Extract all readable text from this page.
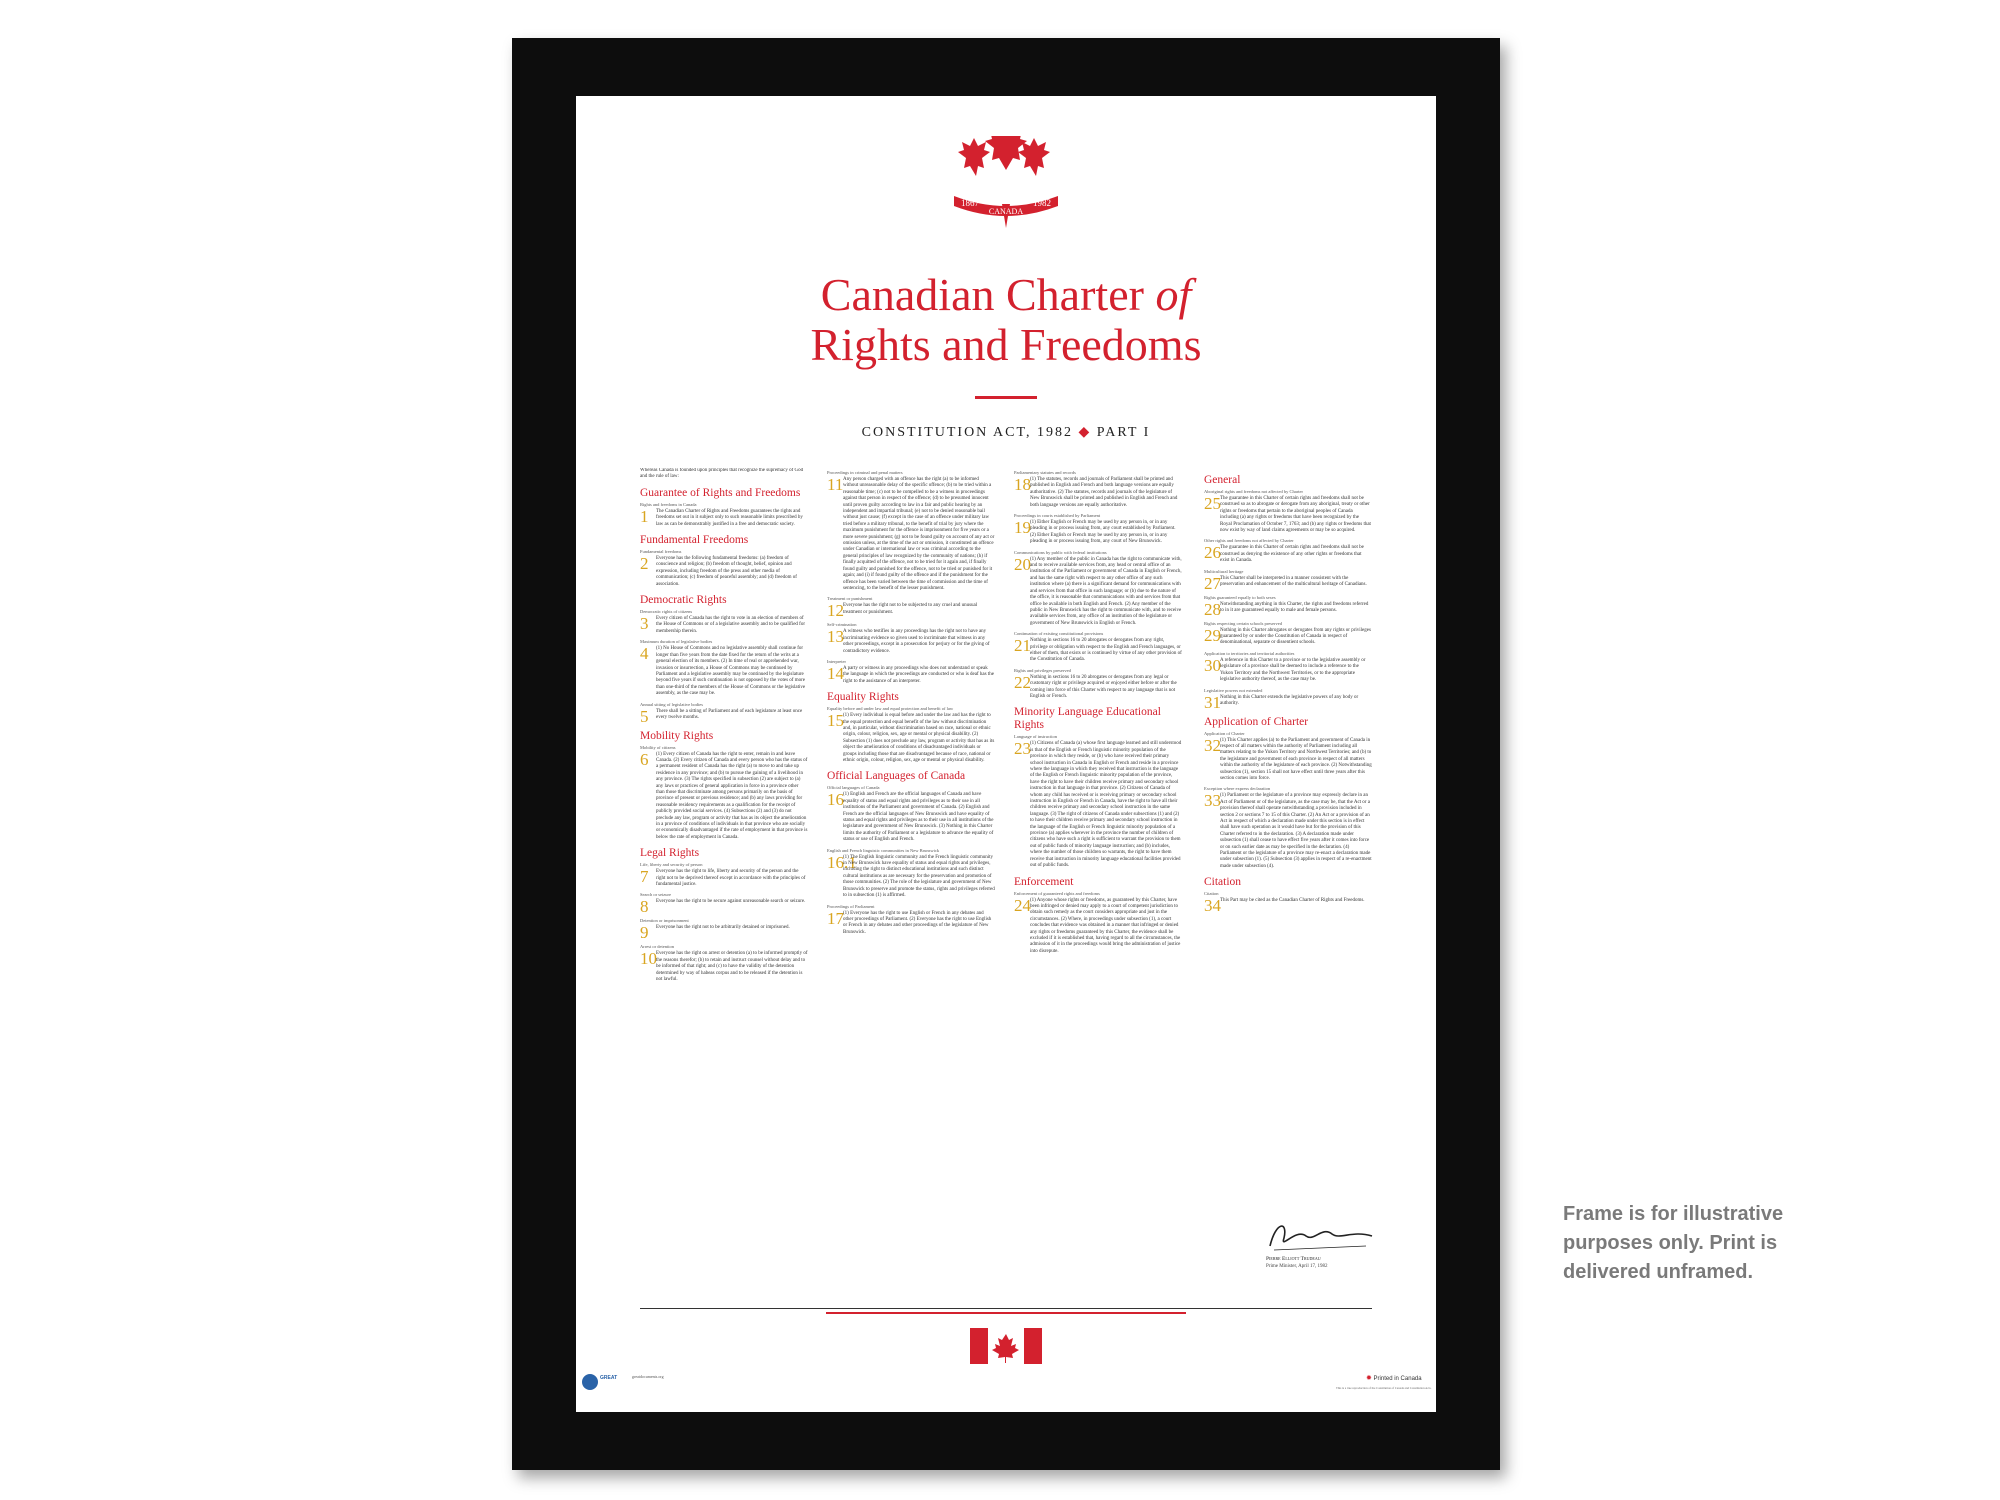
1867
CANADA
1982
Canadian Charter of
Rights and Freedoms
CONSTITUTION ACT, 1982 ◆ PART I
Whereas Canada is founded upon principles that recognize the supremacy of God and the rule of law:
Guarantee of Rights and Freedoms
Rights and freedoms in Canada
1	The Canadian Charter of Rights and Freedoms guarantees the rights and freedoms set out in it subject only to such reasonable limits prescribed by law as can be demonstrably justified in a free and democratic society.
Fundamental Freedoms
Fundamental freedoms
2	Everyone has the following fundamental freedoms: (a) freedom of conscience and religion; (b) freedom of thought, belief, opinion and expression, including freedom of the press and other media of communication; (c) freedom of peaceful assembly; and (d) freedom of association.
Democratic Rights
Democratic rights of citizens
3	Every citizen of Canada has the right to vote in an election of members of the House of Commons or of a legislative assembly and to be qualified for membership therein.
Maximum duration of legislative bodies
4	(1) No House of Commons and no legislative assembly shall continue for longer than five years from the date fixed for the return of the writs at a general election of its members. (2) In time of real or apprehended war, invasion or insurrection, a House of Commons may be continued by Parliament and a legislative assembly may be continued by the legislature beyond five years if such continuation is not opposed by the votes of more than one-third of the members of the House of Commons or the legislative assembly, as the case may be.
Annual sitting of legislative bodies
5	There shall be a sitting of Parliament and of each legislature at least once every twelve months.
Mobility Rights
Mobility of citizens
6	(1) Every citizen of Canada has the right to enter, remain in and leave Canada. (2) Every citizen of Canada and every person who has the status of a permanent resident of Canada has the right (a) to move to and take up residence in any province; and (b) to pursue the gaining of a livelihood in any province. (3) The rights specified in subsection (2) are subject to (a) any laws or practices of general application in force in a province other than those that discriminate among persons primarily on the basis of province of present or previous residence; and (b) any laws providing for reasonable residency requirements as a qualification for the receipt of publicly provided social services. (4) Subsections (2) and (3) do not preclude any law, program or activity that has as its object the amelioration in a province of conditions of individuals in that province who are socially or economically disadvantaged if the rate of employment in that province is below the rate of employment in Canada.
Legal Rights
Life, liberty and security of person
7	Everyone has the right to life, liberty and security of the person and the right not to be deprived thereof except in accordance with the principles of fundamental justice.
Search or seizure
8	Everyone has the right to be secure against unreasonable search or seizure.
Detention or imprisonment
9	Everyone has the right not to be arbitrarily detained or imprisoned.
Arrest or detention
10 Everyone has the right on arrest or detention (a) to be informed promptly of the reasons therefor; (b) to retain and instruct counsel without delay and to be informed of that right; and (c) to have the validity of the detention determined by way of habeas corpus and to be released if the detention is not lawful.
Proceedings in criminal and penal matters
11 Any person charged with an offence has the right (a) to be informed without unreasonable delay of the specific offence; (b) to be tried within a reasonable time; (c) not to be compelled to be a witness in proceedings against that person in respect of the offence; (d) to be presumed innocent until proven guilty according to law in a fair and public hearing by an independent and impartial tribunal; (e) not to be denied reasonable bail without just cause; (f) except in the case of an offence under military law tried before a military tribunal, to the benefit of trial by jury where the maximum punishment for the offence is imprisonment for five years or a more severe punishment; (g) not to be found guilty on account of any act or omission unless, at the time of the act or omission, it constituted an offence under Canadian or international law or was criminal according to the general principles of law recognized by the community of nations; (h) if finally acquitted of the offence, not to be tried for it again and, if finally found guilty and punished for the offence, not to be tried or punished for it again; and (i) if found guilty of the offence and if the punishment for the offence has been varied between the time of commission and the time of sentencing, to the benefit of the lesser punishment.
Treatment or punishment
12 Everyone has the right not to be subjected to any cruel and unusual treatment or punishment.
Self-crimination
13 A witness who testifies in any proceedings has the right not to have any incriminating evidence so given used to incriminate that witness in any other proceedings, except in a prosecution for perjury or for the giving of contradictory evidence.
Interpreter
14 A party or witness in any proceedings who does not understand or speak the language in which the proceedings are conducted or who is deaf has the right to the assistance of an interpreter.
Equality Rights
Equality before and under law and equal protection and benefit of law
15 (1) Every individual is equal before and under the law and has the right to the equal protection and equal benefit of the law without discrimination and, in particular, without discrimination based on race, national or ethnic origin, colour, religion, sex, age or mental or physical disability. (2) Subsection (1) does not preclude any law, program or activity that has as its object the amelioration of conditions of disadvantaged individuals or groups including those that are disadvantaged because of race, national or ethnic origin, colour, religion, sex, age or mental or physical disability.
Official Languages of Canada
Official languages of Canada
16 (1) English and French are the official languages of Canada and have equality of status and equal rights and privileges as to their use in all institutions of the Parliament and government of Canada. (2) English and French are the official languages of New Brunswick and have equality of status and equal rights and privileges as to their use in all institutions of the legislature and government of New Brunswick. (3) Nothing in this Charter limits the authority of Parliament or a legislature to advance the equality of status or use of English and French.
English and French linguistic communities in New Brunswick
16.1
(1) The English linguistic community and the French linguistic community in New Brunswick have equality of status and equal rights and privileges, including the right to distinct educational institutions and such distinct cultural institutions as are necessary for the preservation and promotion of those communities. (2) The role of the legislature and government of New Brunswick to preserve and promote the status, rights and privileges referred to in subsection (1) is affirmed.
Proceedings of Parliament
17 (1) Everyone has the right to use English or French in any debates and other proceedings of Parliament. (2) Everyone has the right to use English or French in any debates and other proceedings of the legislature of New Brunswick.
Parliamentary statutes and records
18 (1) The statutes, records and journals of Parliament shall be printed and published in English and French and both language versions are equally authoritative. (2) The statutes, records and journals of the legislature of New Brunswick shall be printed and published in English and French and both language versions are equally authoritative.
Proceedings in courts established by Parliament
19 (1) Either English or French may be used by any person in, or in any pleading in or process issuing from, any court established by Parliament. (2) Either English or French may be used by any person in, or in any pleading in or process issuing from, any court of New Brunswick.
Communications by public with federal institutions
20 (1) Any member of the public in Canada has the right to communicate with, and to receive available services from, any head or central office of an institution of the Parliament or government of Canada in English or French, and has the same right with respect to any other office of any such institution where (a) there is a significant demand for communications with and services from that office in such language; or (b) due to the nature of the office, it is reasonable that communications with and services from that office be available in both English and French. (2) Any member of the public in New Brunswick has the right to communicate with, and to receive available services from, any office of an institution of the legislature or government of New Brunswick in English or French.
Continuation of existing constitutional provisions
21 Nothing in sections 16 to 20 abrogates or derogates from any right, privilege or obligation with respect to the English and French languages, or either of them, that exists or is continued by virtue of any other provision of the Constitution of Canada.
Rights and privileges preserved
22 Nothing in sections 16 to 20 abrogates or derogates from any legal or customary right or privilege acquired or enjoyed either before or after the coming into force of this Charter with respect to any language that is not English or French.
Minority Language Educational Rights
Language of instruction
23 (1) Citizens of Canada (a) whose first language learned and still understood is that of the English or French linguistic minority population of the province in which they reside, or (b) who have received their primary school instruction in Canada in English or French and reside in a province where the language in which they received that instruction is the language of the English or French linguistic minority population of the province, have the right to have their children receive primary and secondary school instruction in that language in that province. (2) Citizens of Canada of whom any child has received or is receiving primary or secondary school instruction in English or French in Canada, have the right to have all their children receive primary and secondary school instruction in the same language. (3) The right of citizens of Canada under subsections (1) and (2) to have their children receive primary and secondary school instruction in the language of the English or French linguistic minority population of a province (a) applies wherever in the province the number of children of citizens who have such a right is sufficient to warrant the provision to them out of public funds of minority language instruction; and (b) includes, where the number of those children so warrants, the right to have them receive that instruction in minority language educational facilities provided out of public funds.
Enforcement
Enforcement of guaranteed rights and freedoms
24 (1) Anyone whose rights or freedoms, as guaranteed by this Charter, have been infringed or denied may apply to a court of competent jurisdiction to obtain such remedy as the court considers appropriate and just in the circumstances. (2) Where, in proceedings under subsection (1), a court concludes that evidence was obtained in a manner that infringed or denied any rights or freedoms guaranteed by this Charter, the evidence shall be excluded if it is established that, having regard to all the circumstances, the admission of it in the proceedings would bring the administration of justice into disrepute.
General
Aboriginal rights and freedoms not affected by Charter
25 The guarantee in this Charter of certain rights and freedoms shall not be construed so as to abrogate or derogate from any aboriginal, treaty or other rights or freedoms that pertain to the aboriginal peoples of Canada including (a) any rights or freedoms that have been recognized by the Royal Proclamation of October 7, 1763; and (b) any rights or freedoms that now exist by way of land claims agreements or may be so acquired.
Other rights and freedoms not affected by Charter
26 The guarantee in this Charter of certain rights and freedoms shall not be construed as denying the existence of any other rights or freedoms that exist in Canada.
Multicultural heritage
27 This Charter shall be interpreted in a manner consistent with the preservation and enhancement of the multicultural heritage of Canadians.
Rights guaranteed equally to both sexes
28 Notwithstanding anything in this Charter, the rights and freedoms referred to in it are guaranteed equally to male and female persons.
Rights respecting certain schools preserved
29 Nothing in this Charter abrogates or derogates from any rights or privileges guaranteed by or under the Constitution of Canada in respect of denominational, separate or dissentient schools.
Application to territories and territorial authorities
30 A reference in this Charter to a province or to the legislative assembly or legislature of a province shall be deemed to include a reference to the Yukon Territory and the Northwest Territories, or to the appropriate legislative authority thereof, as the case may be.
Legislative powers not extended
31 Nothing in this Charter extends the legislative powers of any body or authority.
Application of Charter
Application of Charter
32 (1) This Charter applies (a) to the Parliament and government of Canada in respect of all matters within the authority of Parliament including all matters relating to the Yukon Territory and Northwest Territories; and (b) to the legislature and government of each province in respect of all matters within the authority of the legislature of each province. (2) Notwithstanding subsection (1), section 15 shall not have effect until three years after this section comes into force.
Exception where express declaration
33 (1) Parliament or the legislature of a province may expressly declare in an Act of Parliament or of the legislature, as the case may be, that the Act or a provision thereof shall operate notwithstanding a provision included in section 2 or sections 7 to 15 of this Charter. (2) An Act or a provision of an Act in respect of which a declaration made under this section is in effect shall have such operation as it would have but for the provision of this Charter referred to in the declaration. (3) A declaration made under subsection (1) shall cease to have effect five years after it comes into force or on such earlier date as may be specified in the declaration. (4) Parliament or the legislature of a province may re-enact a declaration made under subsection (1). (5) Subsection (3) applies in respect of a re-enactment made under subsection (4).
Citation
Citation
34 This Part may be cited as the Canadian Charter of Rights and Freedoms.
Pierre Elliott Trudeau
Prime Minister, April 17, 1982
GREAT	greatdocuments.org	✹ Printed in Canada
This is a true reproduction of the Constitution of Canada and Constitution Acts.
Frame is for illustrative purposes only. Print is delivered unframed.
